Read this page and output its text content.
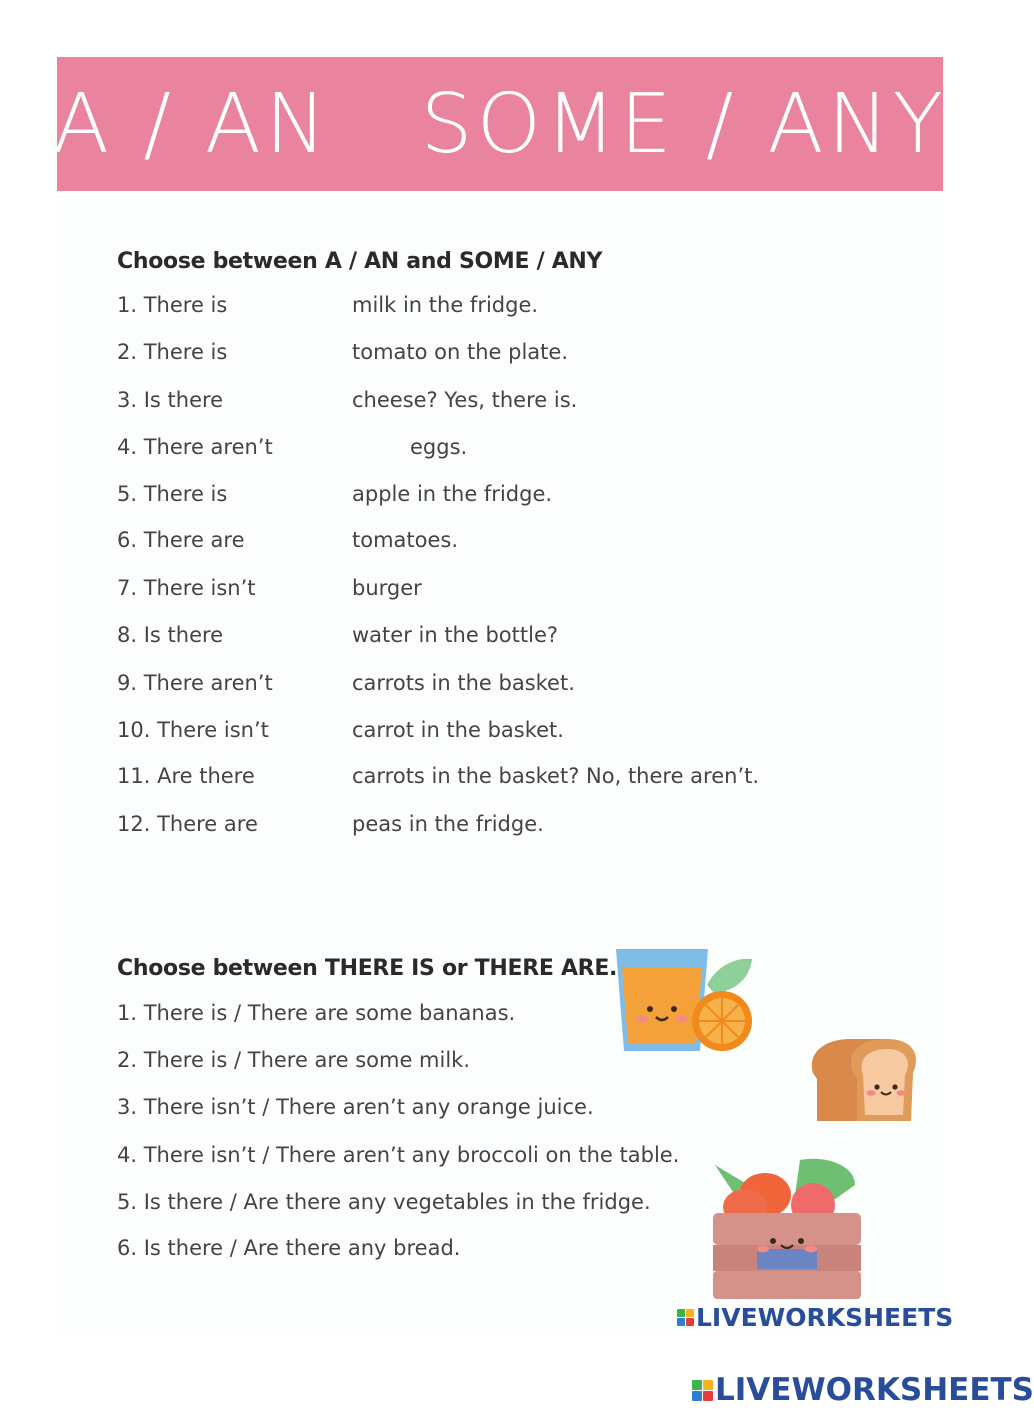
A / AN   SOME / ANY
Choose between A / AN and SOME / ANY
1. There is	milk in the fridge.
2. There is	tomato on the plate.
3. Is there	cheese? Yes, there is.
4. There aren’t	eggs.
5. There is	apple in the fridge.
6. There are	tomatoes.
7. There isn’t	burger
8. Is there	water in the bottle?
9. There aren’t	carrots in the basket.
10. There isn’t	carrot in the basket.
11. Are there	carrots in the basket? No, there aren’t.
12. There are	peas in the fridge.
Choose between THERE IS or THERE ARE.
1. There is / There are some bananas.
2. There is / There are some milk.
3. There isn’t / There aren’t any orange juice.
4. There isn’t / There aren’t any broccoli on the table.
5. Is there / Are there any vegetables in the fridge.
6. Is there / Are there any bread.
LIVEWORKSHEETS
LIVEWORKSHEETS
